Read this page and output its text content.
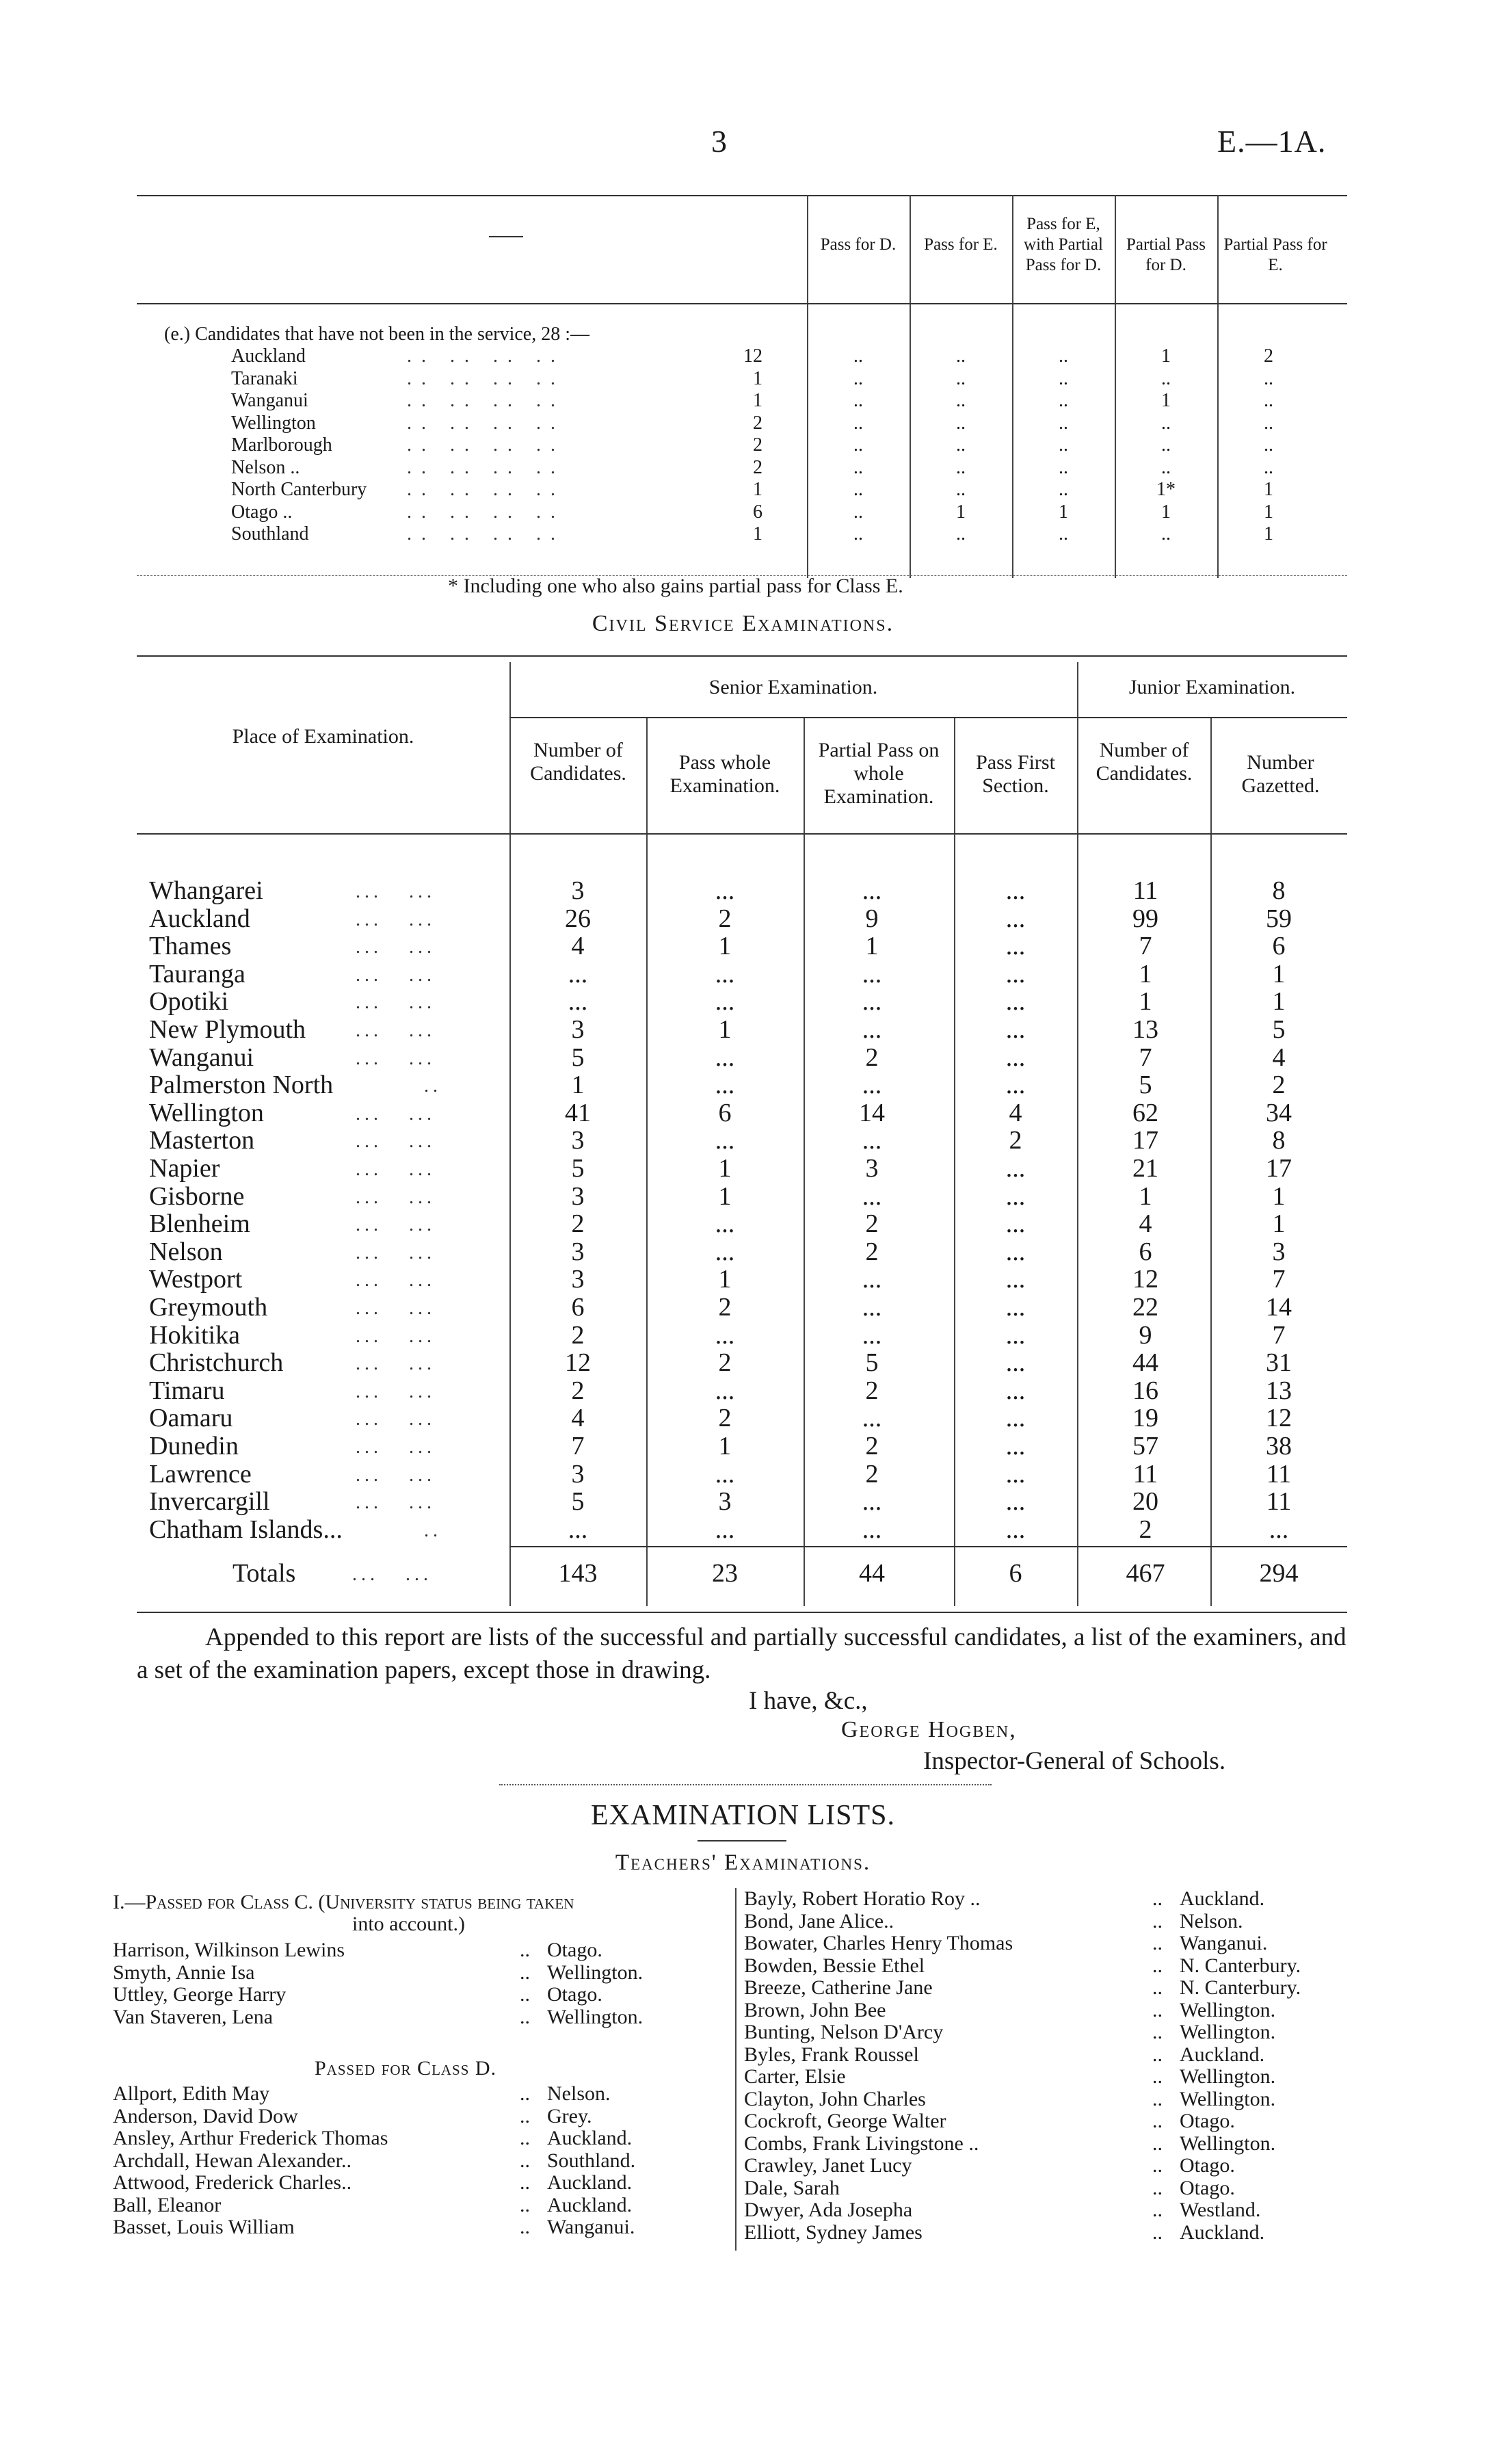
3	E.—1A.
Pass for D.	Pass for E.
Pass for E, with Partial Pass for D.
Partial Pass for D.
Partial Pass for E.
(e.) Candidates that have not been in the service, 28 :—
Auckland	.. .. .. ..	12	..	..	..	1	2
Taranaki	.. .. .. ..	1	..	..	..	..	..
Wanganui	.. .. .. ..	1	..	..	..	1	..
Wellington	.. .. .. ..	2	..	..	..	..	..
Marlborough	.. .. .. ..	2	..	..	..	..	..
Nelson ..	.. .. .. ..	2	..	..	..	..	..
North Canterbury .. .. .. ..	1	..	..	..	1*	1
Otago ..	.. .. .. ..	6	..	1	1	1	1
Southland	.. .. .. ..	1	..	..	..	..	1
* Including one who also gains partial pass for Class E.
Civil Service Examinations.
Senior Examination.	Junior Examination.
Place of Examination.
Number of Candidates.	Pass whole Examination.
Partial Pass on whole Examination.
Pass First Section.
Number of Candidates.	Number Gazetted.
Whangarei	...   ...	3	...	...	...	11	8
Auckland	...   ...	26	2	9	...	99	59
Thames	...   ...	4	1	1	...	7	6
Tauranga	...   ...	...	...	...	...	1	1
Opotiki	...   ...	...	...	...	...	1	1
New Plymouth	...   ...	3	1	...	...	13	5
Wanganui	...   ...	5	...	2	...	7	4
Palmerston North	..	1	...	...	...	5	2
Wellington	...   ...	41	6	14	4	62	34
Masterton	...   ...	3	...	...	2	17	8
Napier	...   ...	5	1	3	...	21	17
Gisborne	...   ...	3	1	...	...	1	1
Blenheim	...   ...	2	...	2	...	4	1
Nelson	...   ...	3	...	2	...	6	3
Westport	...   ...	3	1	...	...	12	7
Greymouth	...   ...	6	2	...	...	22	14
Hokitika	...   ...	2	...	...	...	9	7
Christchurch	...   ...	12	2	5	...	44	31
Timaru	...   ...	2	...	2	...	16	13
Oamaru	...   ...	4	2	...	...	19	12
Dunedin	...   ...	7	1	2	...	57	38
Lawrence	...   ...	3	...	2	...	11	11
Invercargill	...   ...	5	3	...	...	20	11
Chatham Islands...	..	...	...	...	...	2	...
Totals	...   ...	143	23	44	6	467	294
Appended to this report are lists of the successful and partially successful candidates, a list of the examiners, and a set of the examination papers, except those in drawing.
I have, &c.,
George Hogben,
Inspector-General of Schools.
EXAMINATION LISTS.
Teachers' Examinations.
I.—Passed for Class C. (University status being taken
into account.)
Harrison, Wilkinson Lewins	.. Otago.
Smyth, Annie Isa	.. Wellington.
Uttley, George Harry	.. Otago.
Van Staveren, Lena	.. Wellington.
Passed for Class D.
Allport, Edith May	.. Nelson.
Anderson, David Dow	.. Grey.
Ansley, Arthur Frederick Thomas	.. Auckland.
Archdall, Hewan Alexander..	.. Southland.
Attwood, Frederick Charles..	.. Auckland.
Ball, Eleanor	.. Auckland.
Basset, Louis William	.. Wanganui.
Bayly, Robert Horatio Roy ..	.. Auckland.
Bond, Jane Alice..	.. Nelson.
Bowater, Charles Henry Thomas	.. Wanganui.
Bowden, Bessie Ethel	.. N. Canterbury.
Breeze, Catherine Jane	.. N. Canterbury.
Brown, John Bee	.. Wellington.
Bunting, Nelson D'Arcy	.. Wellington.
Byles, Frank Roussel	.. Auckland.
Carter, Elsie	.. Wellington.
Clayton, John Charles	.. Wellington.
Cockroft, George Walter	.. Otago.
Combs, Frank Livingstone ..	.. Wellington.
Crawley, Janet Lucy	.. Otago.
Dale, Sarah	.. Otago.
Dwyer, Ada Josepha	.. Westland.
Elliott, Sydney James	.. Auckland.
